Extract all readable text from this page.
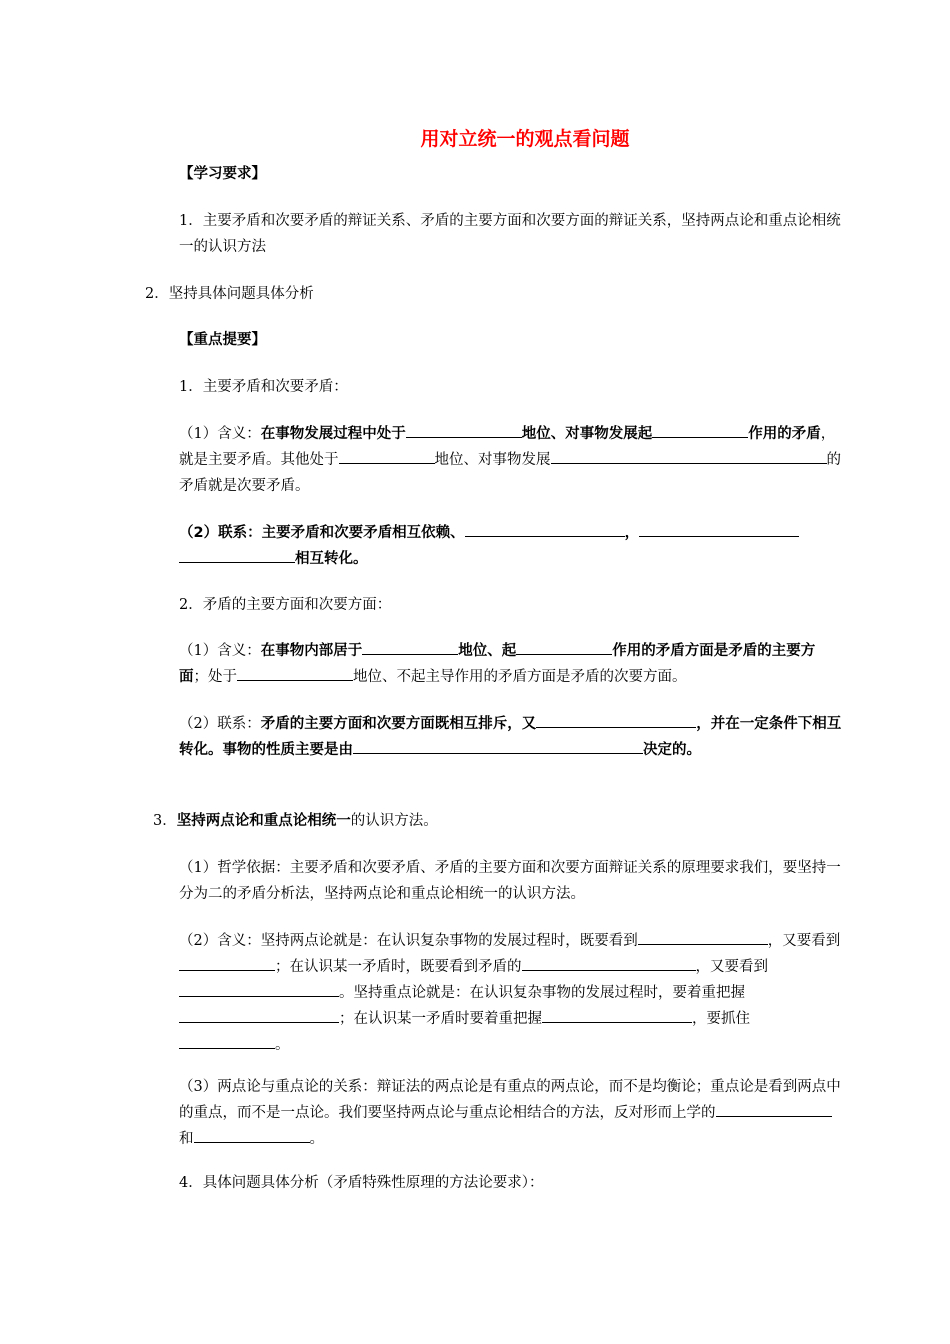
用对立统一的观点看问题
【学习要求】
1．主要矛盾和次要矛盾的辩证关系、矛盾的主要方面和次要方面的辩证关系，坚持两点论和重点论相统一的认识方法
2．坚持具体问题具体分析
【重点提要】
1．主要矛盾和次要矛盾：
（1）含义：在事物发展过程中处于	地位、对事物发展起	作用的矛盾，就是主要矛盾。其他处于	地位、对事物发展	的矛盾就是次要矛盾。
（2）联系：主要矛盾和次要矛盾相互依赖、	，相互转化。
2．矛盾的主要方面和次要方面：
（1）含义：在事物内部居于	地位、起	作用的矛盾方面是矛盾的主要方面；处于	地位、不起主导作用的矛盾方面是矛盾的次要方面。
（2）联系：矛盾的主要方面和次要方面既相互排斥，又	，并在一定条件下相互转化。事物的性质主要是由	决定的。
3．坚持两点论和重点论相统一的认识方法。
（1）哲学依据：主要矛盾和次要矛盾、矛盾的主要方面和次要方面辩证关系的原理要求我们，要坚持一分为二的矛盾分析法，坚持两点论和重点论相统一的认识方法。
（2）含义：坚持两点论就是：在认识复杂事物的发展过程时，既要看到	，又要看到；在认识某一矛盾时，既要看到矛盾的	，又要看到。坚持重点论就是：在认识复杂事物的发展过程时，要着重把握；在认识某一矛盾时要着重把握	，要抓住。
（3）两点论与重点论的关系：辩证法的两点论是有重点的两点论，而不是均衡论；重点论是看到两点中的重点，而不是一点论。我们要坚持两点论与重点论相结合的方法，反对形而上学的和	。
4．具体问题具体分析（矛盾特殊性原理的方法论要求）：
